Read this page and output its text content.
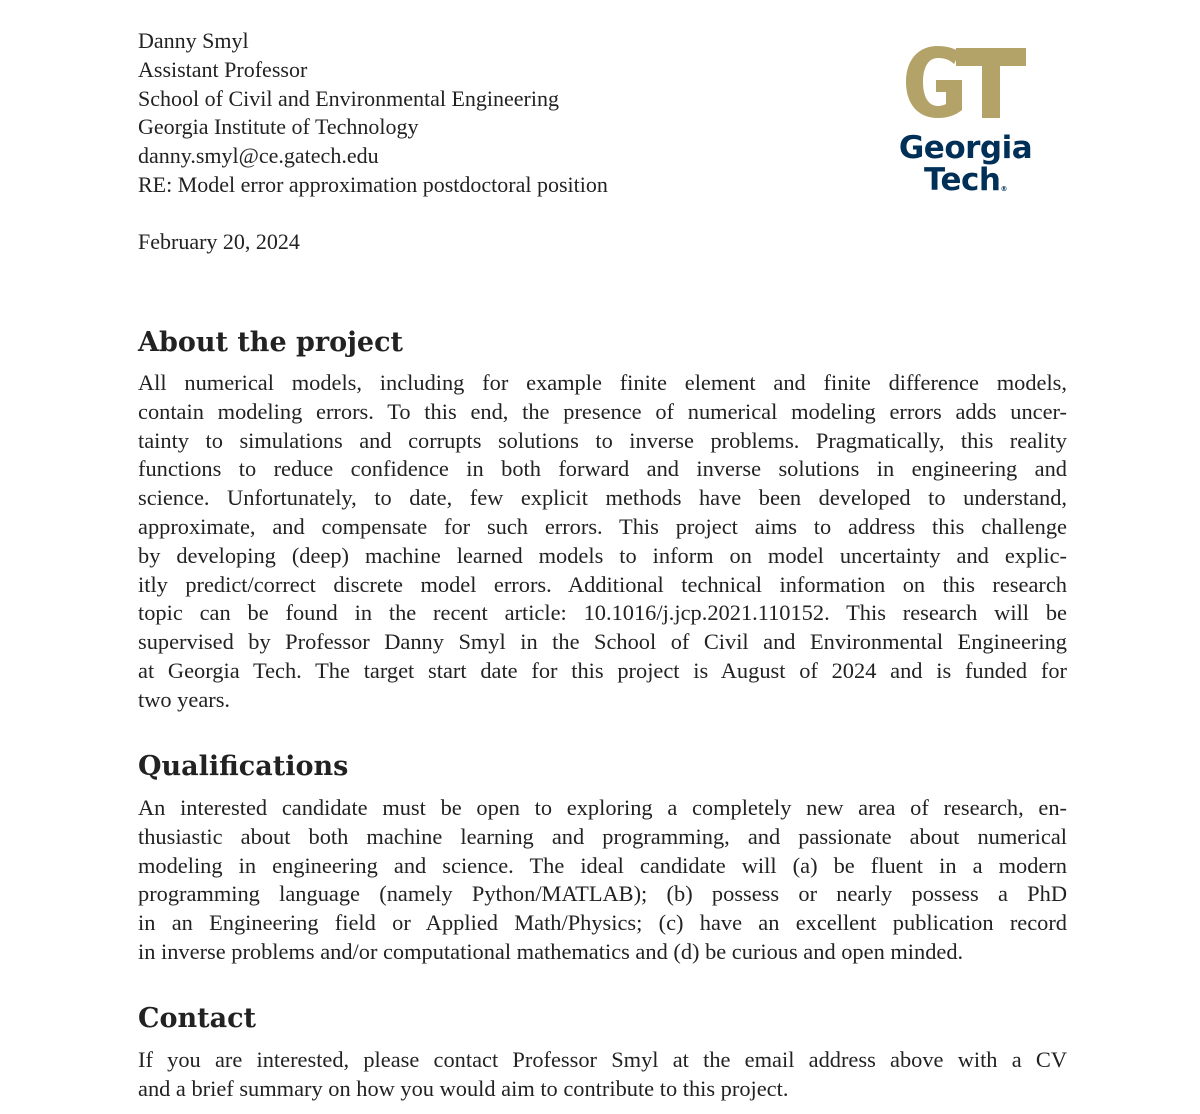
Danny Smyl
Assistant Professor
School of Civil and Environmental Engineering
Georgia Institute of Technology
danny.smyl@ce.gatech.edu
RE: Model error approximation postdoctoral position
February 20, 2024
Georgia
Tech®
About the project
All numerical models, including for example finite element and finite difference models,
contain modeling errors. To this end, the presence of numerical modeling errors adds uncer-
tainty to simulations and corrupts solutions to inverse problems. Pragmatically, this reality
functions to reduce confidence in both forward and inverse solutions in engineering and
science. Unfortunately, to date, few explicit methods have been developed to understand,
approximate, and compensate for such errors. This project aims to address this challenge
by developing (deep) machine learned models to inform on model uncertainty and explic-
itly predict/correct discrete model errors. Additional technical information on this research
topic can be found in the recent article: 10.1016/j.jcp.2021.110152. This research will be
supervised by Professor Danny Smyl in the School of Civil and Environmental Engineering
at Georgia Tech. The target start date for this project is August of 2024 and is funded for
two years.
Qualifications
An interested candidate must be open to exploring a completely new area of research, en-
thusiastic about both machine learning and programming, and passionate about numerical
modeling in engineering and science. The ideal candidate will (a) be fluent in a modern
programming language (namely Python/MATLAB); (b) possess or nearly possess a PhD
in an Engineering field or Applied Math/Physics; (c) have an excellent publication record
in inverse problems and/or computational mathematics and (d) be curious and open minded.
Contact
If you are interested, please contact Professor Smyl at the email address above with a CV
and a brief summary on how you would aim to contribute to this project.
